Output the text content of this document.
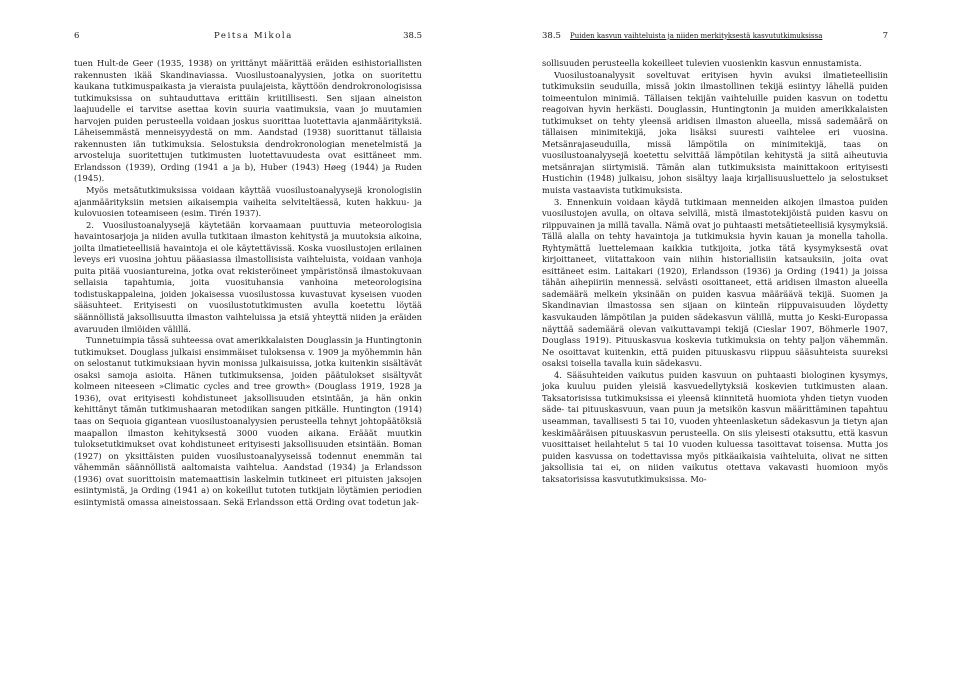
6	Peitsa Mikola	38.5

tuen Hult-de Geer (1935, 1938) on yrittänyt määrittää eräiden esihistoriallisten rakennusten ikää Skandinaviassa. Vuosilustoanalyysien, jotka on suoritettu kaukana tutkimuspaikasta ja vieraista puulajeista, käyttöön dendrokronologisissa tutkimuksissa on suhtauduttava erittäin kriitillisesti. Sen sijaan aineiston laajuudelle ei tarvitse asettaa kovin suuria vaatimuksia, vaan jo muutamien harvojen puiden perusteella voidaan joskus suorittaa luotettavia ajanmäärityksiä. Läheisemmästä menneisyydestä on mm. Aandstad (1938) suorittanut tällaisia rakennusten iän tutkimuksia. Selostuksia dendrokronologian menetelmistä ja arvosteluja suoritettujen tutkimusten luotettavuudesta ovat esittäneet mm. Erlandsson (1939), Ording (1941 a ja b), Huber (1943) Høeg (1944) ja Ruden (1945).

Myös metsätutkimuksissa voidaan käyttää vuosilustoanalyysejä kronologisiin ajanmäärityksiin metsien aikaisempia vaiheita selviteltäessä, kuten hakkuu- ja kulovuosien toteamiseen (esim. Tirén 1937).

2. Vuosilustoanalyysejä käytetään korvaamaan puuttuvia meteorologisia havaintosarjoja ja niiden avulla tutkitaan ilmaston kehitystä ja muutoksia aikoina, joilta ilmatieteellisiä havaintoja ei ole käytettävissä. Koska vuosilustojen erilainen leveys eri vuosina johtuu pääasiassa ilmastollisista vaihteluista, voidaan vanhoja puita pitää vuosiantureina, jotka ovat rekisteröineet ympäristönsä ilmastokuvaan sellaisia tapahtumia, joita vuosituhansia vanhoina meteorologisina todistuskappaleina, joiden jokaisessa vuosilustossa kuvastuvat kyseisen vuoden sääsuhteet. Erityisesti on vuosilustotutkimusten avulla koetettu löytää säännöllistä jaksollisuutta ilmaston vaihteluissa ja etsiä yhteyttä niiden ja eräiden avaruuden ilmiöiden välillä.

Tunnetuimpia tässä suhteessa ovat amerikkalaisten Douglassin ja Huntingtonin tutkimukset. Douglass julkaisi ensimmäiset tuloksensa v. 1909 ja myöhemmin hän on selostanut tutkimuksiaan hyvin monissa julkaisuissa, jotka kuitenkin sisältävät osaksi samoja asioita. Hänen tutkimuksensa, joiden päätulokset sisältyvät kolmeen niteeseen »Climatic cycles and tree growth» (Douglass 1919, 1928 ja 1936), ovat erityisesti kohdistuneet jaksollisuuden etsintään, ja hän onkin kehittänyt tämän tutkimushaaran metodiikan sangen pitkälle. Huntington (1914) taas on Sequoia gigantean vuosilustoanalyysien perusteella tehnyt johtopäätöksiä maapallon ilmaston kehityksestä 3000 vuoden aikana. Erääät muutkin tuloksetutkimukset ovat kohdistuneet erityisesti jaksollisuuden etsintään. Boman (1927) on yksittäisten puiden vuosilustoanalyyseissä todennut enemmän tai vähemmän säännöllistä aaltomaista vaihtelua. Aandstad (1934) ja Erlandsson (1936) ovat suorittoisin matemaattisin laskelmin tutkineet eri pituisten jaksojen esiintymistä, ja Ording (1941 a) on kokeillut tutoten tutkijain löytämien periodien esiintymistä omassa aineistossaan. Sekä Erlandsson että Ording ovat todetun jak-

38.5 Puiden kasvun vaihteluista ja niiden merkityksestä kasvututkimuksissa	7

sollisuuden perusteella kokeilleet tulevien vuosienkin kasvun ennustamista.

Vuosilustoanalyysit soveltuvat erityisen hyvin avuksi ilmatieteellisiin tutkimuksiin seuduilla, missä jokin ilmastollinen tekijä esiintyy lähellä puiden toimeentulon minimiä. Tällaisen tekijän vaihteluille puiden kasvun on todettu reagoivan hyvin herkästi. Douglassin, Huntingtonin ja muiden amerikkalaisten tutkimukset on tehty yleensä aridisen ilmaston alueella, missä sademäärä on tällaisen minimitekijä, joka lisäksi suuresti vaihtelee eri vuosina. Metsänrajaseuduilla, missä lämpötila on minimitekijä, taas on vuosilustoanalyysejä koetettu selvittää lämpötilan kehitystä ja siitä aiheutuvia metsänrajan siirtymisiä. Tämän alan tutkimuksista mainittakoon erityisesti Hustichin (1948) julkaisu, johon sisältyy laaja kirjallisuusluettelo ja selostukset muista vastaavista tutkimuksista.

3. Ennenkuin voidaan käydä tutkimaan menneiden aikojen ilmastoa puiden vuosilustojen avulla, on oltava selvillä, mistä ilmastotekijöistä puiden kasvu on riippuvainen ja millä tavalla. Nämä ovat jo puhtaasti metsätieteellisiä kysymyksiä. Tällä alalla on tehty havaintoja ja tutkimuksia hyvin kauan ja monella taholla. Ryhtymättä luettelemaan kaikkia tutkijoita, jotka tätä kysymyksestä ovat kirjoittaneet, viitattakoon vain niihin historiallisiin katsauksiin, joita ovat esittäneet esim. Laitakari (1920), Erlandsson (1936) ja Ording (1941) ja joissa tähän aihepiiriin mennessä. selvästi osoittaneet, että aridisen ilmaston alueella sademäärä melkein yksinään on puiden kasvua määräävä tekijä. Suomen ja Skandinavian ilmastossa sen sijaan on kiinteän riippuvaisuuden löydetty kasvukauden lämpötilan ja puiden sädekasvun välillä, mutta jo Keski-Europassa näyttää sademäärä olevan vaikuttavampi tekijä (Cieslar 1907, Böhmerle 1907, Douglass 1919). Pituuskasvua koskevia tutkimuksia on tehty paljon vähemmän. Ne osoittavat kuitenkin, että puiden pituuskasvu riippuu sääsuhteista suureksi osaksi toisella tavalla kuin sädekasvu.

4. Sääsuhteiden vaikutus puiden kasvuun on puhtaasti biologinen kysymys, joka kuuluu puiden yleisiä kasvuedellytyksiä koskevien tutkimusten alaan. Taksatorisissa tutkimuksissa ei yleensä kiinnitetä huomiota yhden tietyn vuoden säde- tai pituuskasvuun, vaan puun ja metsikön kasvun määrittäminen tapahtuu useamman, tavallisesti 5 tai 10, vuoden yhteenlasketun sädekasvun ja tietyn ajan keskimääräisen pituuskasvun perusteella. On siis yleisesti otaksuttu, että kasvun vuosittaiset heilahtelut 5 tai 10 vuoden kuluessa tasoittavat toisensa. Mutta jos puiden kasvussa on todettavissa myös pitkäaikaisia vaihteluita, olivat ne sitten jaksollisia tai ei, on niiden vaikutus otettava vakavasti huomioon myös taksatorisissa kasvututkimuksissa. Mo-
